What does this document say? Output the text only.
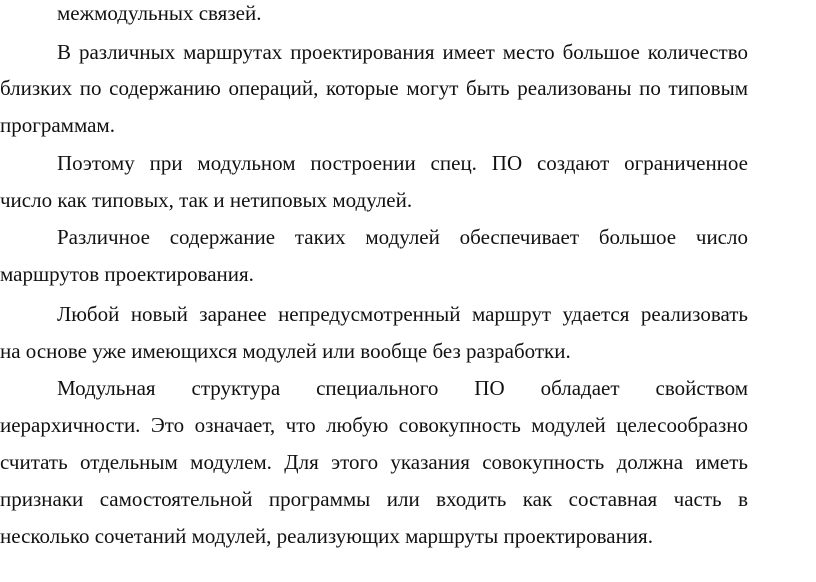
межмодульных связей.

В различных маршрутах проектирования имеет место большое количество

близких по содержанию операций, которые могут быть реализованы по типовым

программам.

Поэтому при модульном построении спец. ПО создают ограниченное

число как типовых, так и нетиповых модулей.

Различное содержание таких модулей обеспечивает большое число

маршрутов проектирования.

Любой новый заранее непредусмотренный маршрут удается реализовать

на основе уже имеющихся модулей или вообще без разработки.

Модульная структура специального ПО обладает свойством

иерархичности. Это означает, что любую совокупность модулей целесообразно

считать отдельным модулем. Для этого указания совокупность должна иметь

признаки самостоятельной программы или входить как составная часть в

несколько сочетаний модулей, реализующих маршруты проектирования.
